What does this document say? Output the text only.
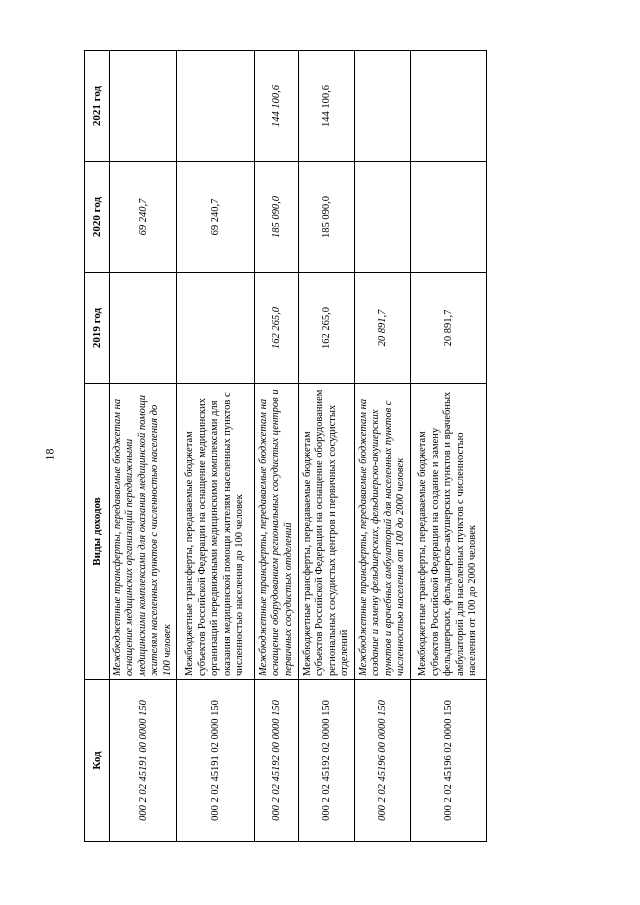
18
Код	Виды доходов	2019 год	2020 год	2021 год
000 2 02 45191 00 0000 150	Межбюджетные трансферты, передаваемые бюджетам на оснащение медицинских организаций передвижными медицинскими комплексами для оказания медицинской помощи жителям населенных пунктов с численностью населения до 100 человек		69 240,7	
000 2 02 45191 02 0000 150	Межбюджетные трансферты, передаваемые бюджетам субъектов Российской Федерации на оснащение медицинских организаций передвижными медицинскими комплексами для оказания медицинской помощи жителям населенных пунктов с численностью населения до 100 человек		69 240,7	
000 2 02 45192 00 0000 150	Межбюджетные трансферты, передаваемые бюджетам на оснащение оборудованием региональных сосудистых центров и первичных сосудистых отделений	162 265,0	185 090,0	144 100,6
000 2 02 45192 02 0000 150	Межбюджетные трансферты, передаваемые бюджетам субъектов Российской Федерации на оснащение оборудованием региональных сосудистых центров и первичных сосудистых отделений	162 265,0	185 090,0	144 100,6
000 2 02 45196 00 0000 150	Межбюджетные трансферты, передаваемые бюджетам на создание и замену фельдшерских, фельдшерско-акушерских пунктов и врачебных амбулаторий для населенных пунктов с численностью населения от 100 до 2000 человек	20 891,7		
000 2 02 45196 02 0000 150	Межбюджетные трансферты, передаваемые бюджетам субъектов Российской Федерации на создание и замену фельдшерских, фельдшерско-акушерских пунктов и врачебных амбулаторий для населенных пунктов с численностью населения от 100 до 2000 человек	20 891,7		
